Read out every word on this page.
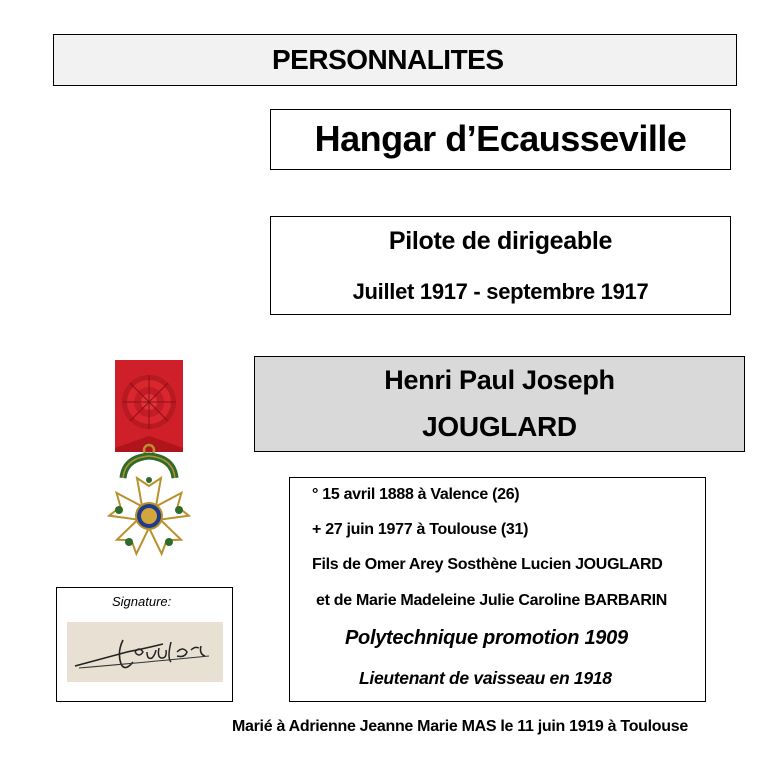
PERSONNALITES
Hangar d’Ecausseville
Pilote de dirigeable
Juillet 1917 - septembre 1917
Henri Paul Joseph
JOUGLARD
° 15 avril 1888 à Valence (26)
+ 27 juin 1977 à Toulouse (31)
Fils de Omer Arey Sosthène Lucien JOUGLARD
et de Marie Madeleine Julie Caroline BARBARIN
Polytechnique promotion 1909
Lieutenant de vaisseau en 1918
Signature:
Marié à Adrienne Jeanne Marie MAS le 11 juin 1919 à Toulouse
